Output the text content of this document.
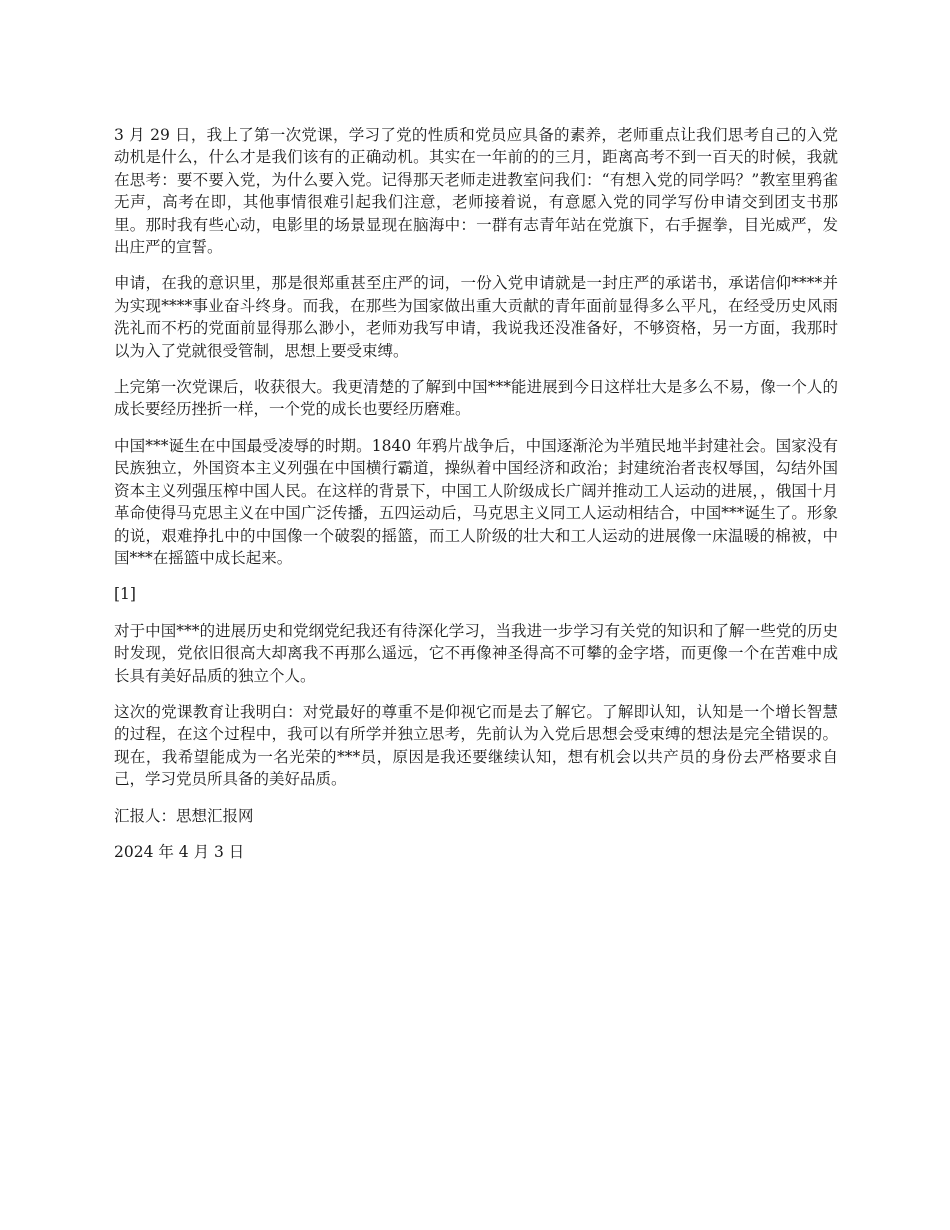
3 月 29 日，我上了第一次党课，学习了党的性质和党员应具备的素养，老师重点让我们思考自己的入党动机是什么，什么才是我们该有的正确动机。其实在一年前的的三月，距离高考不到一百天的时候，我就在思考：要不要入党，为什么要入党。记得那天老师走进教室问我们：“有想入党的同学吗？”教室里鸦雀无声，高考在即，其他事情很难引起我们注意，老师接着说，有意愿入党的同学写份申请交到团支书那里。那时我有些心动，电影里的场景显现在脑海中：一群有志青年站在党旗下，右手握拳，目光威严，发出庄严的宣誓。

申请，在我的意识里，那是很郑重甚至庄严的词，一份入党申请就是一封庄严的承诺书，承诺信仰****并为实现****事业奋斗终身。而我，在那些为国家做出重大贡献的青年面前显得多么平凡，在经受历史风雨洗礼而不朽的党面前显得那么渺小，老师劝我写申请，我说我还没准备好，不够资格，另一方面，我那时以为入了党就很受管制，思想上要受束缚。

上完第一次党课后，收获很大。我更清楚的了解到中国***能进展到今日这样壮大是多么不易，像一个人的成长要经历挫折一样，一个党的成长也要经历磨难。

中国***诞生在中国最受凌辱的时期。1840 年鸦片战争后，中国逐渐沦为半殖民地半封建社会。国家没有民族独立，外国资本主义列强在中国横行霸道，操纵着中国经济和政治；封建统治者丧权辱国，勾结外国资本主义列强压榨中国人民。在这样的背景下，中国工人阶级成长广阔并推动工人运动的进展，，俄国十月革命使得马克思主义在中国广泛传播，五四运动后，马克思主义同工人运动相结合，中国***诞生了。形象的说，艰难挣扎中的中国像一个破裂的摇篮，而工人阶级的壮大和工人运动的进展像一床温暖的棉被，中国***在摇篮中成长起来。

[1]

对于中国***的进展历史和党纲党纪我还有待深化学习，当我进一步学习有关党的知识和了解一些党的历史时发现，党依旧很高大却离我不再那么遥远，它不再像神圣得高不可攀的金字塔，而更像一个在苦难中成长具有美好品质的独立个人。

这次的党课教育让我明白：对党最好的尊重不是仰视它而是去了解它。了解即认知，认知是一个增长智慧的过程，在这个过程中，我可以有所学并独立思考，先前认为入党后思想会受束缚的想法是完全错误的。现在，我希望能成为一名光荣的***员，原因是我还要继续认知，想有机会以共产员的身份去严格要求自己，学习党员所具备的美好品质。

汇报人：思想汇报网

2024 年 4 月 3 日
